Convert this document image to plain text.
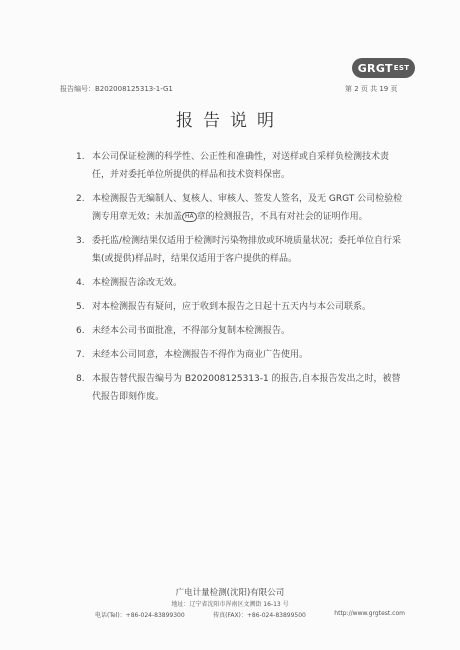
GRGT EST
报告编号：B202008125313-1-G1	第 2 页 共 19 页
报告说明
1. 本公司保证检测的科学性、公正性和准确性，对送样或自采样负检测技术责任，并对委托单位所提供的样品和技术资料保密。
2. 本检测报告无编制人、复核人、审核人、签发人签名，及无 GRGT 公司检验检测专用章无效；未加盖 HA 章的检测报告，不具有对社会的证明作用。
3. 委托监/检测结果仅适用于检测时污染物排放或环境质量状况；委托单位自行采集(或提供)样品时，结果仅适用于客户提供的样品。
4. 本检测报告涂改无效。
5. 对本检测报告有疑问，应于收到本报告之日起十五天内与本公司联系。
6. 未经本公司书面批准，不得部分复制本检测报告。
7. 未经本公司同意，本检测报告不得作为商业广告使用。
8. 本报告替代报告编号为 B202008125313-1 的报告,自本报告发出之时，被替代报告即刻作废。
广电计量检测(沈阳)有限公司
地址：辽宁省沈阳市浑南区文溯街 16-13 号
电话(Tel)：+86-024-83899300	传真(FAX)：+86-024-83899500	http://www.grgtest.com
